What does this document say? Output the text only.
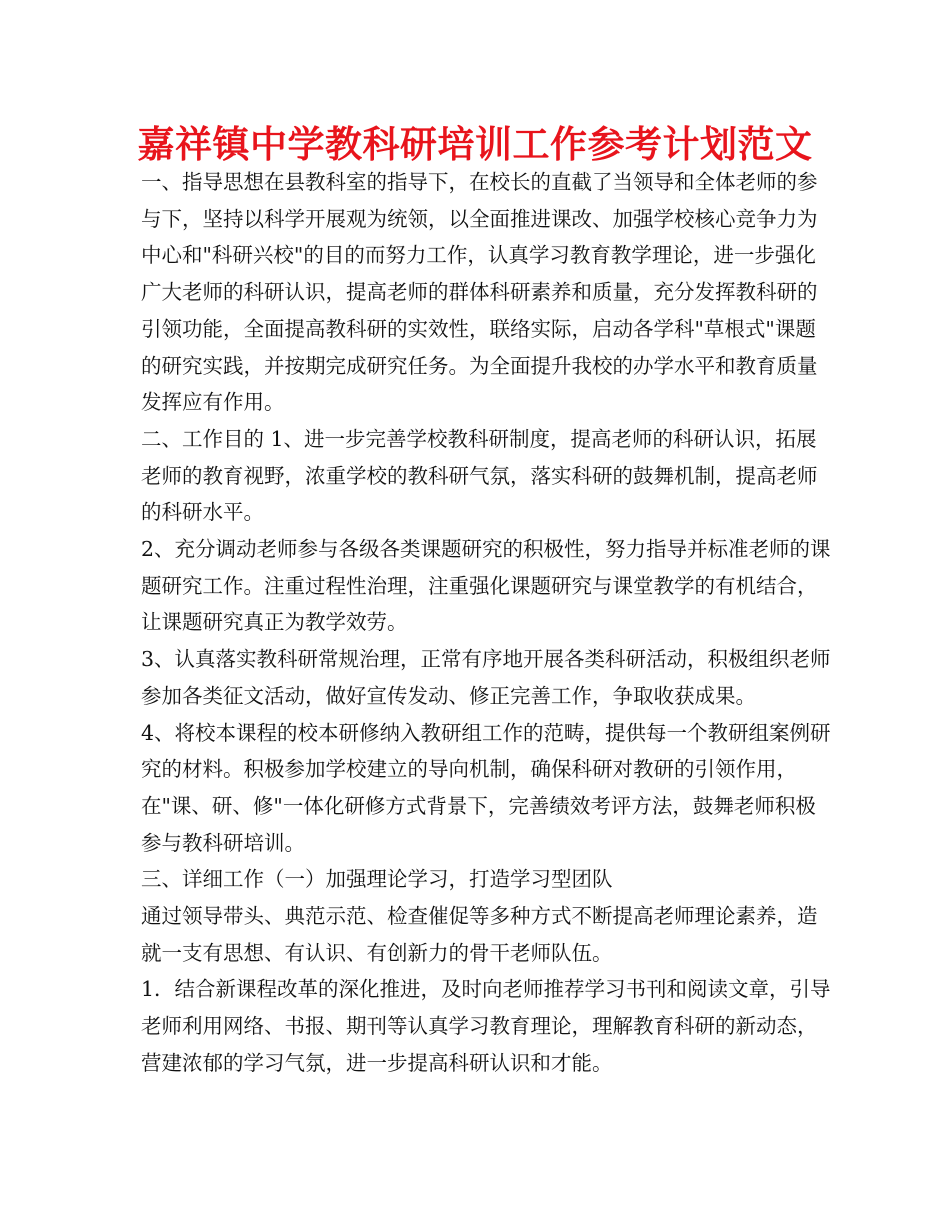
嘉祥镇中学教科研培训工作参考计划范文

一、指导思想在县教科室的指导下，在校长的直截了当领导和全体老师的参与下，坚持以科学开展观为统领，以全面推进课改、加强学校核心竞争力为中心和"科研兴校"的目的而努力工作，认真学习教育教学理论，进一步强化广大老师的科研认识，提高老师的群体科研素养和质量，充分发挥教科研的引领功能，全面提高教科研的实效性，联络实际，启动各学科"草根式"课题的研究实践，并按期完成研究任务。为全面提升我校的办学水平和教育质量发挥应有作用。

二、工作目的 1、进一步完善学校教科研制度，提高老师的科研认识，拓展老师的教育视野，浓重学校的教科研气氛，落实科研的鼓舞机制，提高老师的科研水平。

2、充分调动老师参与各级各类课题研究的积极性，努力指导并标准老师的课题研究工作。注重过程性治理，注重强化课题研究与课堂教学的有机结合，让课题研究真正为教学效劳。

3、认真落实教科研常规治理，正常有序地开展各类科研活动，积极组织老师参加各类征文活动，做好宣传发动、修正完善工作，争取收获成果。

4、将校本课程的校本研修纳入教研组工作的范畴，提供每一个教研组案例研究的材料。积极参加学校建立的导向机制，确保科研对教研的引领作用，在"课、研、修"一体化研修方式背景下，完善绩效考评方法，鼓舞老师积极参与教科研培训。

三、详细工作（一）加强理论学习，打造学习型团队

通过领导带头、典范示范、检查催促等多种方式不断提高老师理论素养，造就一支有思想、有认识、有创新力的骨干老师队伍。

1．结合新课程改革的深化推进，及时向老师推荐学习书刊和阅读文章，引导老师利用网络、书报、期刊等认真学习教育理论，理解教育科研的新动态，营建浓郁的学习气氛，进一步提高科研认识和才能。
